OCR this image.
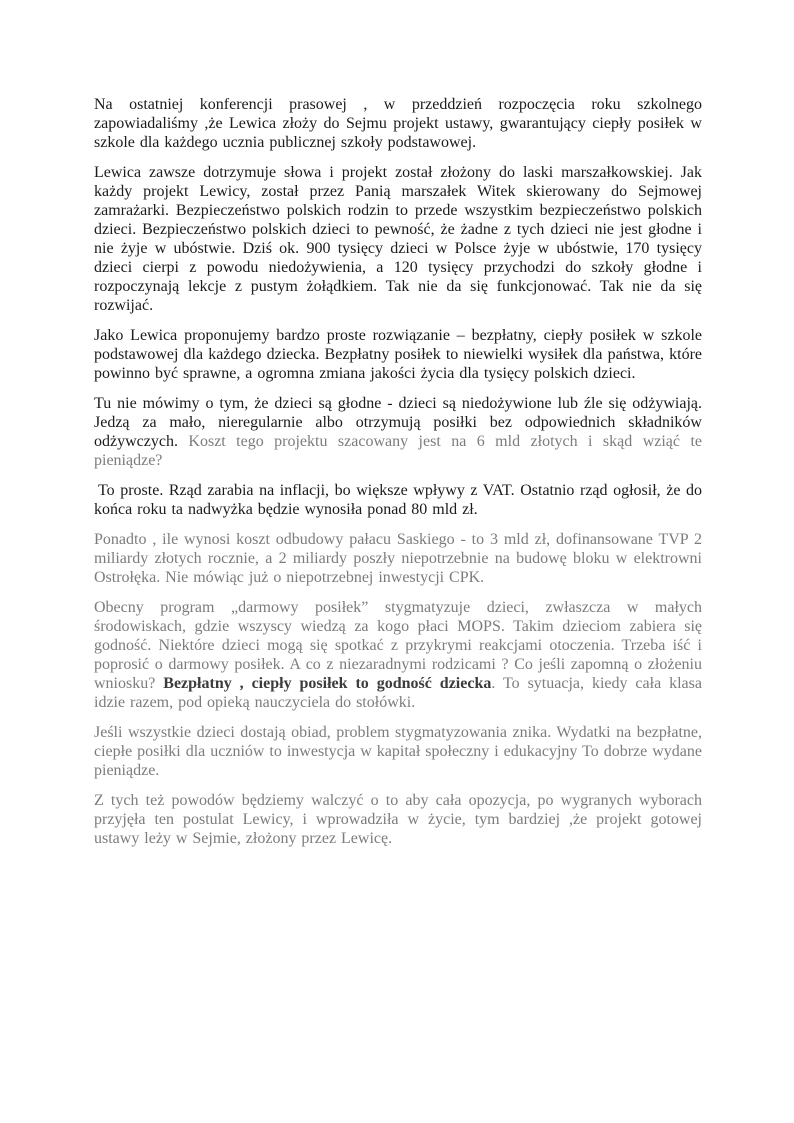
Na ostatniej konferencji prasowej , w przeddzień rozpoczęcia roku szkolnego zapowiadaliśmy ,że Lewica złoży do Sejmu projekt ustawy, gwarantujący ciepły posiłek w szkole dla każdego ucznia publicznej szkoły podstawowej.

Lewica zawsze dotrzymuje słowa i projekt został złożony do laski marszałkowskiej. Jak każdy projekt Lewicy, został przez Panią marszałek Witek skierowany do Sejmowej zamrażarki. Bezpieczeństwo polskich rodzin to przede wszystkim bezpieczeństwo polskich dzieci. Bezpieczeństwo polskich dzieci to pewność, że żadne z tych dzieci nie jest głodne i nie żyje w ubóstwie. Dziś ok. 900 tysięcy dzieci w Polsce żyje w ubóstwie, 170 tysięcy dzieci cierpi z powodu niedożywienia, a 120 tysięcy przychodzi do szkoły głodne i rozpoczynają lekcje z pustym żołądkiem. Tak nie da się funkcjonować. Tak nie da się rozwijać.

Jako Lewica proponujemy bardzo proste rozwiązanie – bezpłatny, ciepły posiłek w szkole podstawowej dla każdego dziecka. Bezpłatny posiłek to niewielki wysiłek dla państwa, które powinno być sprawne, a ogromna zmiana jakości życia dla tysięcy polskich dzieci.

Tu nie mówimy o tym, że dzieci są głodne - dzieci są niedożywione lub źle się odżywiają. Jedzą za mało, nieregularnie albo otrzymują posiłki bez odpowiednich składników odżywczych. Koszt tego projektu szacowany jest na 6 mld złotych i skąd wziąć te pieniądze?

To proste. Rząd zarabia na inflacji, bo większe wpływy z VAT. Ostatnio rząd ogłosił, że do końca roku ta nadwyżka będzie wynosiła ponad 80 mld zł.

Ponadto , ile wynosi koszt odbudowy pałacu Saskiego - to 3 mld zł, dofinansowane TVP 2 miliardy złotych rocznie, a 2 miliardy poszły niepotrzebnie na budowę bloku w elektrowni Ostrołęka. Nie mówiąc już o niepotrzebnej inwestycji CPK.

Obecny program „darmowy posiłek” stygmatyzuje dzieci, zwłaszcza w małych środowiskach, gdzie wszyscy wiedzą za kogo płaci MOPS. Takim dzieciom zabiera się godność. Niektóre dzieci mogą się spotkać z przykrymi reakcjami otoczenia. Trzeba iść i poprosić o darmowy posiłek. A co z niezaradnymi rodzicami ? Co jeśli zapomną o złożeniu wniosku? Bezpłatny , ciepły posiłek to godność dziecka. To sytuacja, kiedy cała klasa idzie razem, pod opieką nauczyciela do stołówki.

Jeśli wszystkie dzieci dostają obiad, problem stygmatyzowania znika. Wydatki na bezpłatne, ciepłe posiłki dla uczniów to inwestycja w kapitał społeczny i edukacyjny To dobrze wydane pieniądze.

Z tych też powodów będziemy walczyć o to aby cała opozycja, po wygranych wyborach przyjęła ten postulat Lewicy, i wprowadziła w życie, tym bardziej ,że projekt gotowej ustawy leży w Sejmie, złożony przez Lewicę.
